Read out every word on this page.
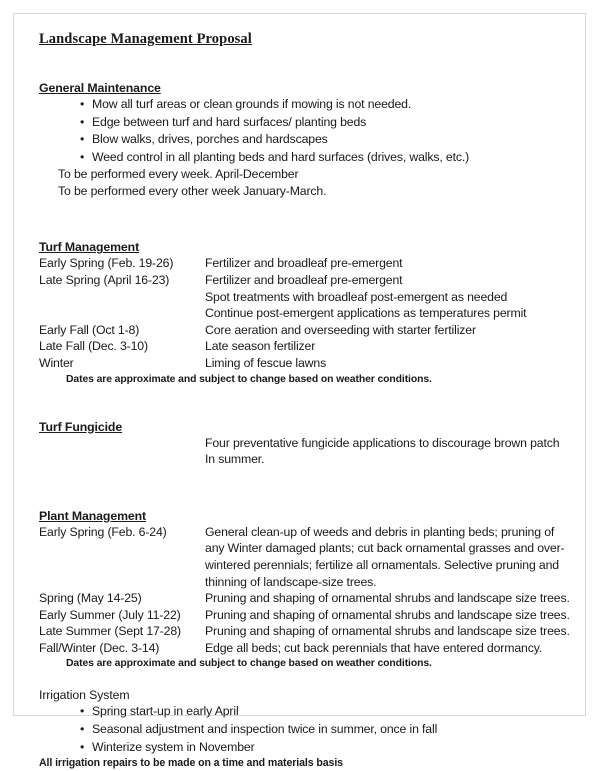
Landscape Management Proposal
General Maintenance
• Mow all turf areas or clean grounds if mowing is not needed.
• Edge between turf and hard surfaces/ planting beds
• Blow walks, drives, porches and hardscapes
• Weed control in all planting beds and hard surfaces (drives, walks, etc.)
To be performed every week. April-December
To be performed every other week January-March.
Turf Management
Early Spring (Feb. 19-26)	Fertilizer and broadleaf pre-emergent
Late Spring (April 16-23)	Fertilizer and broadleaf pre-emergent
Spot treatments with broadleaf post-emergent as needed
Continue post-emergent applications as temperatures permit
Early Fall (Oct 1-8)	Core aeration and overseeding with starter fertilizer
Late Fall (Dec. 3-10)	Late season fertilizer
Winter	Liming of fescue lawns
Dates are approximate and subject to change based on weather conditions.
Turf Fungicide
Four preventative fungicide applications to discourage brown patch
In summer.
Plant Management
Early Spring (Feb. 6-24)	General clean-up of weeds and debris in planting beds; pruning of any Winter damaged plants; cut back ornamental grasses and over-wintered perennials; fertilize all ornamentals. Selective pruning and thinning of landscape-size trees.
Spring (May 14-25)	Pruning and shaping of ornamental shrubs and landscape size trees.
Early Summer (July 11-22)	Pruning and shaping of ornamental shrubs and landscape size trees.
Late Summer (Sept 17-28)	Pruning and shaping of ornamental shrubs and landscape size trees.
Fall/Winter (Dec. 3-14)	Edge all beds; cut back perennials that have entered dormancy.
Dates are approximate and subject to change based on weather conditions.
Irrigation System
• Spring start-up in early April
• Seasonal adjustment and inspection twice in summer, once in fall
• Winterize system in November
All irrigation repairs to be made on a time and materials basis
